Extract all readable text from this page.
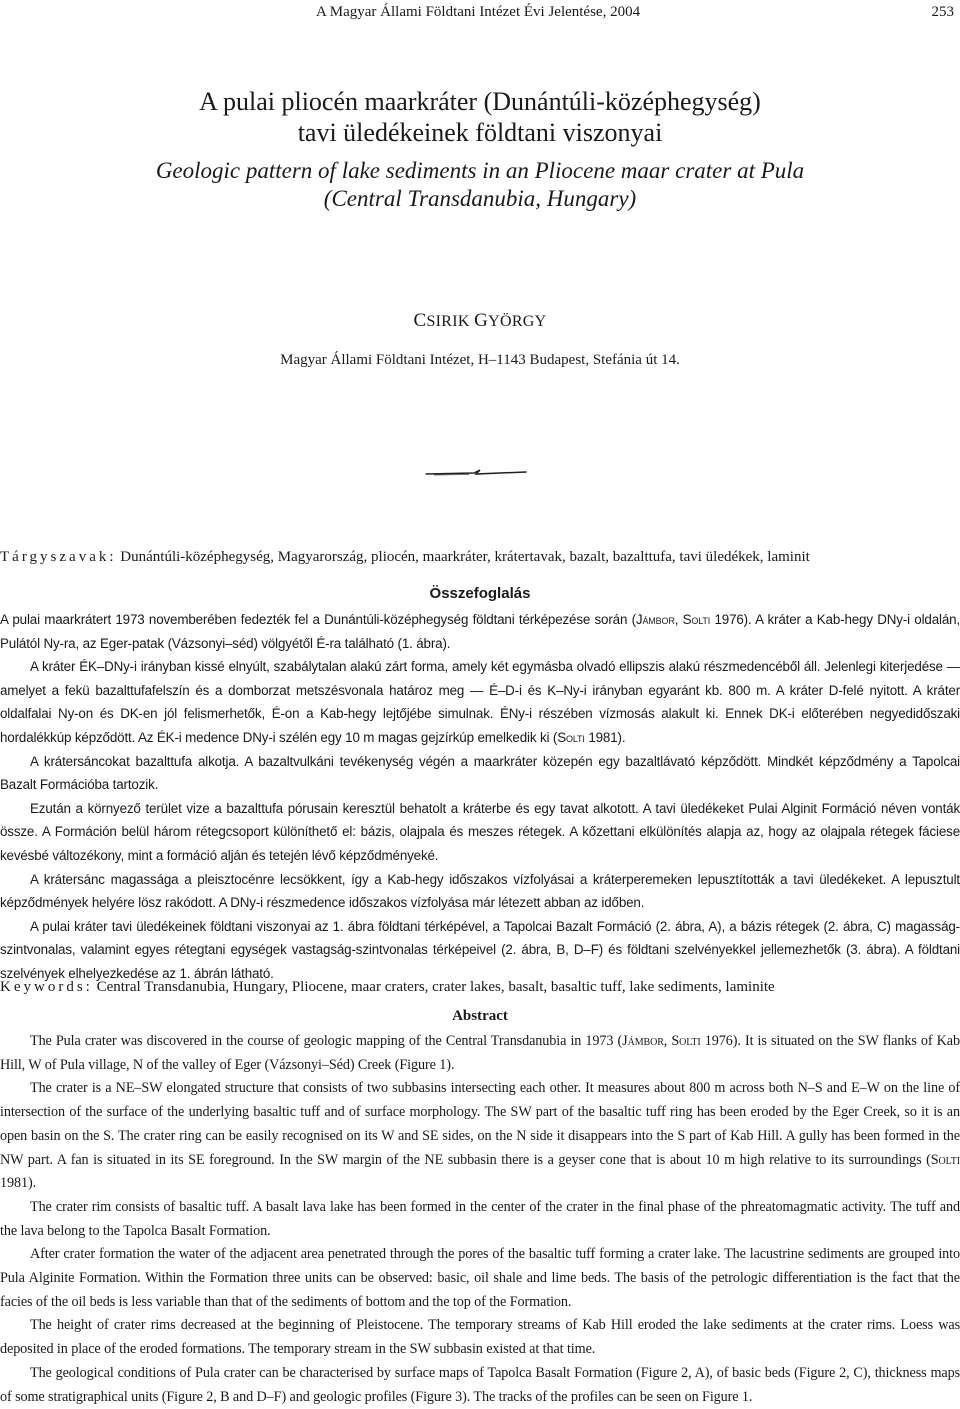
A Magyar Állami Földtani Intézet Évi Jelentése, 2004	253
A pulai pliocén maarkráter (Dunántúli-középhegység)
tavi üledékeinek földtani viszonyai
Geologic pattern of lake sediments in an Pliocene maar crater at Pula
(Central Transdanubia, Hungary)
CSIRIK GYÖRGY
Magyar Állami Földtani Intézet, H–1143 Budapest, Stefánia út 14.
Tárgyszavak: Dunántúli-középhegység, Magyarország, pliocén, maarkráter, krátertavak, bazalt, bazalttufa, tavi üledékek, laminit
Összefoglalás

A pulai maarkrátert 1973 novemberében fedezték fel a Dunántúli-középhegység földtani térképezése során (Jámbor, Solti 1976). A kráter a Kab-hegy DNy-i oldalán, Pulától Ny-ra, az Eger-patak (Vázsonyi–séd) völgyétől É-ra található (1. ábra).

A kráter ÉK–DNy-i irányban kissé elnyúlt, szabálytalan alakú zárt forma, amely két egymásba olvadó ellipszis alakú részmedencéből áll. Jelenlegi kiterjedése — amelyet a fekü bazalttufafelszín és a domborzat metszésvonala határoz meg — É–D-i és K–Ny-i irányban egyaránt kb. 800 m. A kráter D-felé nyitott. A kráter oldalfalai Ny-on és DK-en jól felismerhetők, É-on a Kab-hegy lejtőjébe simulnak. ÉNy-i részében vízmosás alakult ki. Ennek DK-i előterében negyedidőszaki hordalékkúp képződött. Az ÉK-i medence DNy-i szélén egy 10 m magas gejzírkúp emelkedik ki (Solti 1981).

A krátersáncokat bazalttufa alkotja. A bazaltvulkáni tevékenység végén a maarkráter közepén egy bazaltlávató képződött. Mindkét képződmény a Tapolcai Bazalt Formációba tartozik.

Ezután a környező terület vize a bazalttufa pórusain keresztül behatolt a kráterbe és egy tavat alkotott. A tavi üledékeket Pulai Alginit Formáció néven vonták össze. A Formáción belül három rétegcsoport különíthető el: bázis, olajpala és meszes rétegek. A kőzettani elkülönítés alapja az, hogy az olajpala rétegek fáciese kevésbé változékony, mint a formáció alján és tetején lévő képződményeké.

A krátersánc magassága a pleisztocénre lecsökkent, így a Kab-hegy időszakos vízfolyásai a kráterperemeken lepusztították a tavi üledékeket. A lepusztult képződmények helyére lösz rakódott. A DNy-i részmedence időszakos vízfolyása már létezett abban az időben.

A pulai kráter tavi üledékeinek földtani viszonyai az 1. ábra földtani térképével, a Tapolcai Bazalt Formáció (2. ábra, A), a bázis rétegek (2. ábra, C) magasság-szintvonalas, valamint egyes rétegtani egységek vastagság-szintvonalas térképeivel (2. ábra, B, D–F) és földtani szelvényekkel jellemezhetők (3. ábra). A földtani szelvények elhelyezkedése az 1. ábrán látható.

Keywords: Central Transdanubia, Hungary, Pliocene, maar craters, crater lakes, basalt, basaltic tuff, lake sediments, laminite
Abstract

The Pula crater was discovered in the course of geologic mapping of the Central Transdanubia in 1973 (Jámbor, Solti 1976). It is situated on the SW flanks of Kab Hill, W of Pula village, N of the valley of Eger (Vázsonyi–Séd) Creek (Figure 1).

The crater is a NE–SW elongated structure that consists of two subbasins intersecting each other. It measures about 800 m across both N–S and E–W on the line of intersection of the surface of the underlying basaltic tuff and of surface morphology. The SW part of the basaltic tuff ring has been eroded by the Eger Creek, so it is an open basin on the S. The crater ring can be easily recognised on its W and SE sides, on the N side it disappears into the S part of Kab Hill. A gully has been formed in the NW part. A fan is situated in its SE foreground. In the SW margin of the NE subbasin there is a geyser cone that is about 10 m high relative to its surroundings (Solti 1981).

The crater rim consists of basaltic tuff. A basalt lava lake has been formed in the center of the crater in the final phase of the phreatomagmatic activity. The tuff and the lava belong to the Tapolca Basalt Formation.

After crater formation the water of the adjacent area penetrated through the pores of the basaltic tuff forming a crater lake. The lacustrine sediments are grouped into Pula Alginite Formation. Within the Formation three units can be observed: basic, oil shale and lime beds. The basis of the petrologic differentiation is the fact that the facies of the oil beds is less variable than that of the sediments of bottom and the top of the Formation.

The height of crater rims decreased at the beginning of Pleistocene. The temporary streams of Kab Hill eroded the lake sediments at the crater rims. Loess was deposited in place of the eroded formations. The temporary stream in the SW subbasin existed at that time.

The geological conditions of Pula crater can be characterised by surface maps of Tapolca Basalt Formation (Figure 2, A), of basic beds (Figure 2, C), thickness maps of some stratigraphical units (Figure 2, B and D–F) and geologic profiles (Figure 3). The tracks of the profiles can be seen on Figure 1.
